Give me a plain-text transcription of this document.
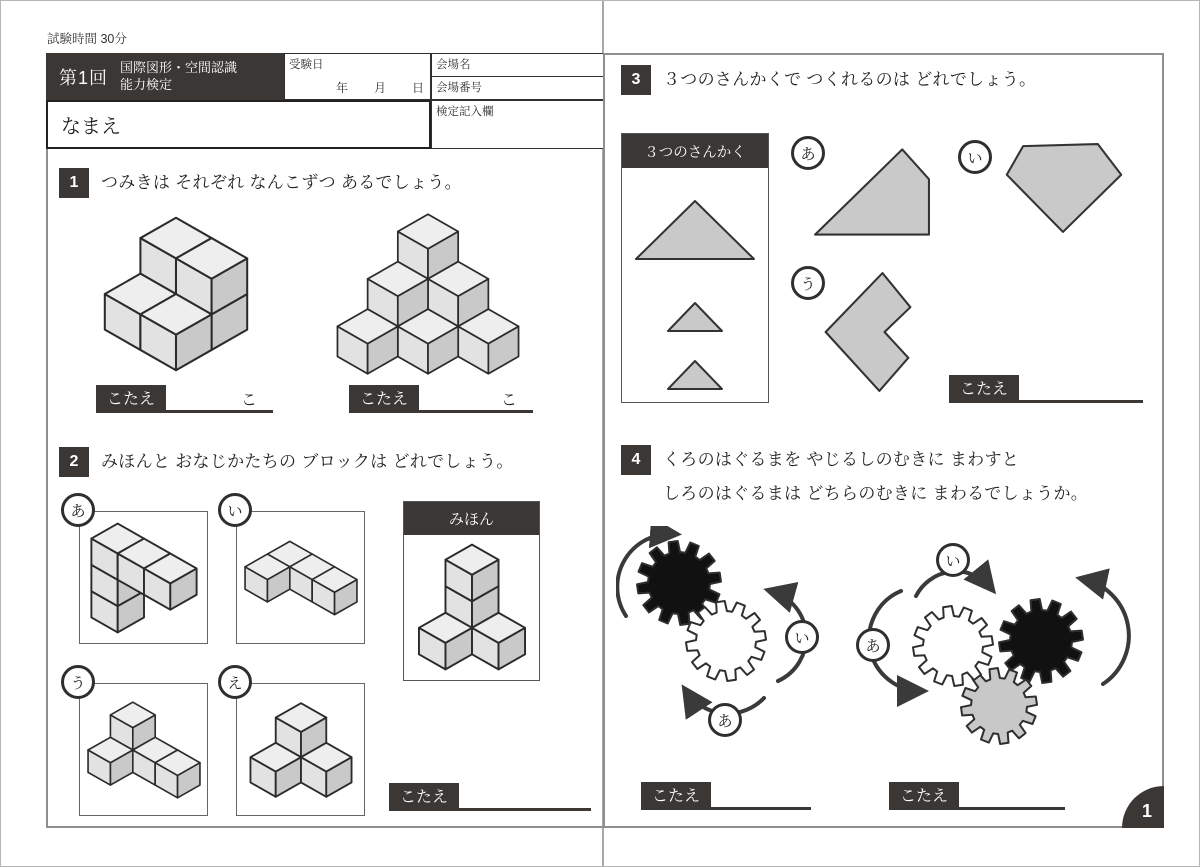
試験時間 30分
第1回
国際図形・空間認識
能力検定
受験日
年 月 日
会場名
会場番号
なまえ
検定記入欄
1	つみきは それぞれ なんこずつ あるでしょう。
こたえ	こ	こたえ	こ
2	みほんと おなじかたちの ブロックは どれでしょう。
あ	い
う	え
みほん
こたえ
3	３つのさんかくで つくれるのは どれでしょう。
３つのさんかく	あ	い
う
こたえ
4	くろのはぐるまを やじるしのむきに まわすと
しろのはぐるまは どちらのむきに まわるでしょうか。
い
あ
い
あ
こたえ	こたえ
1
